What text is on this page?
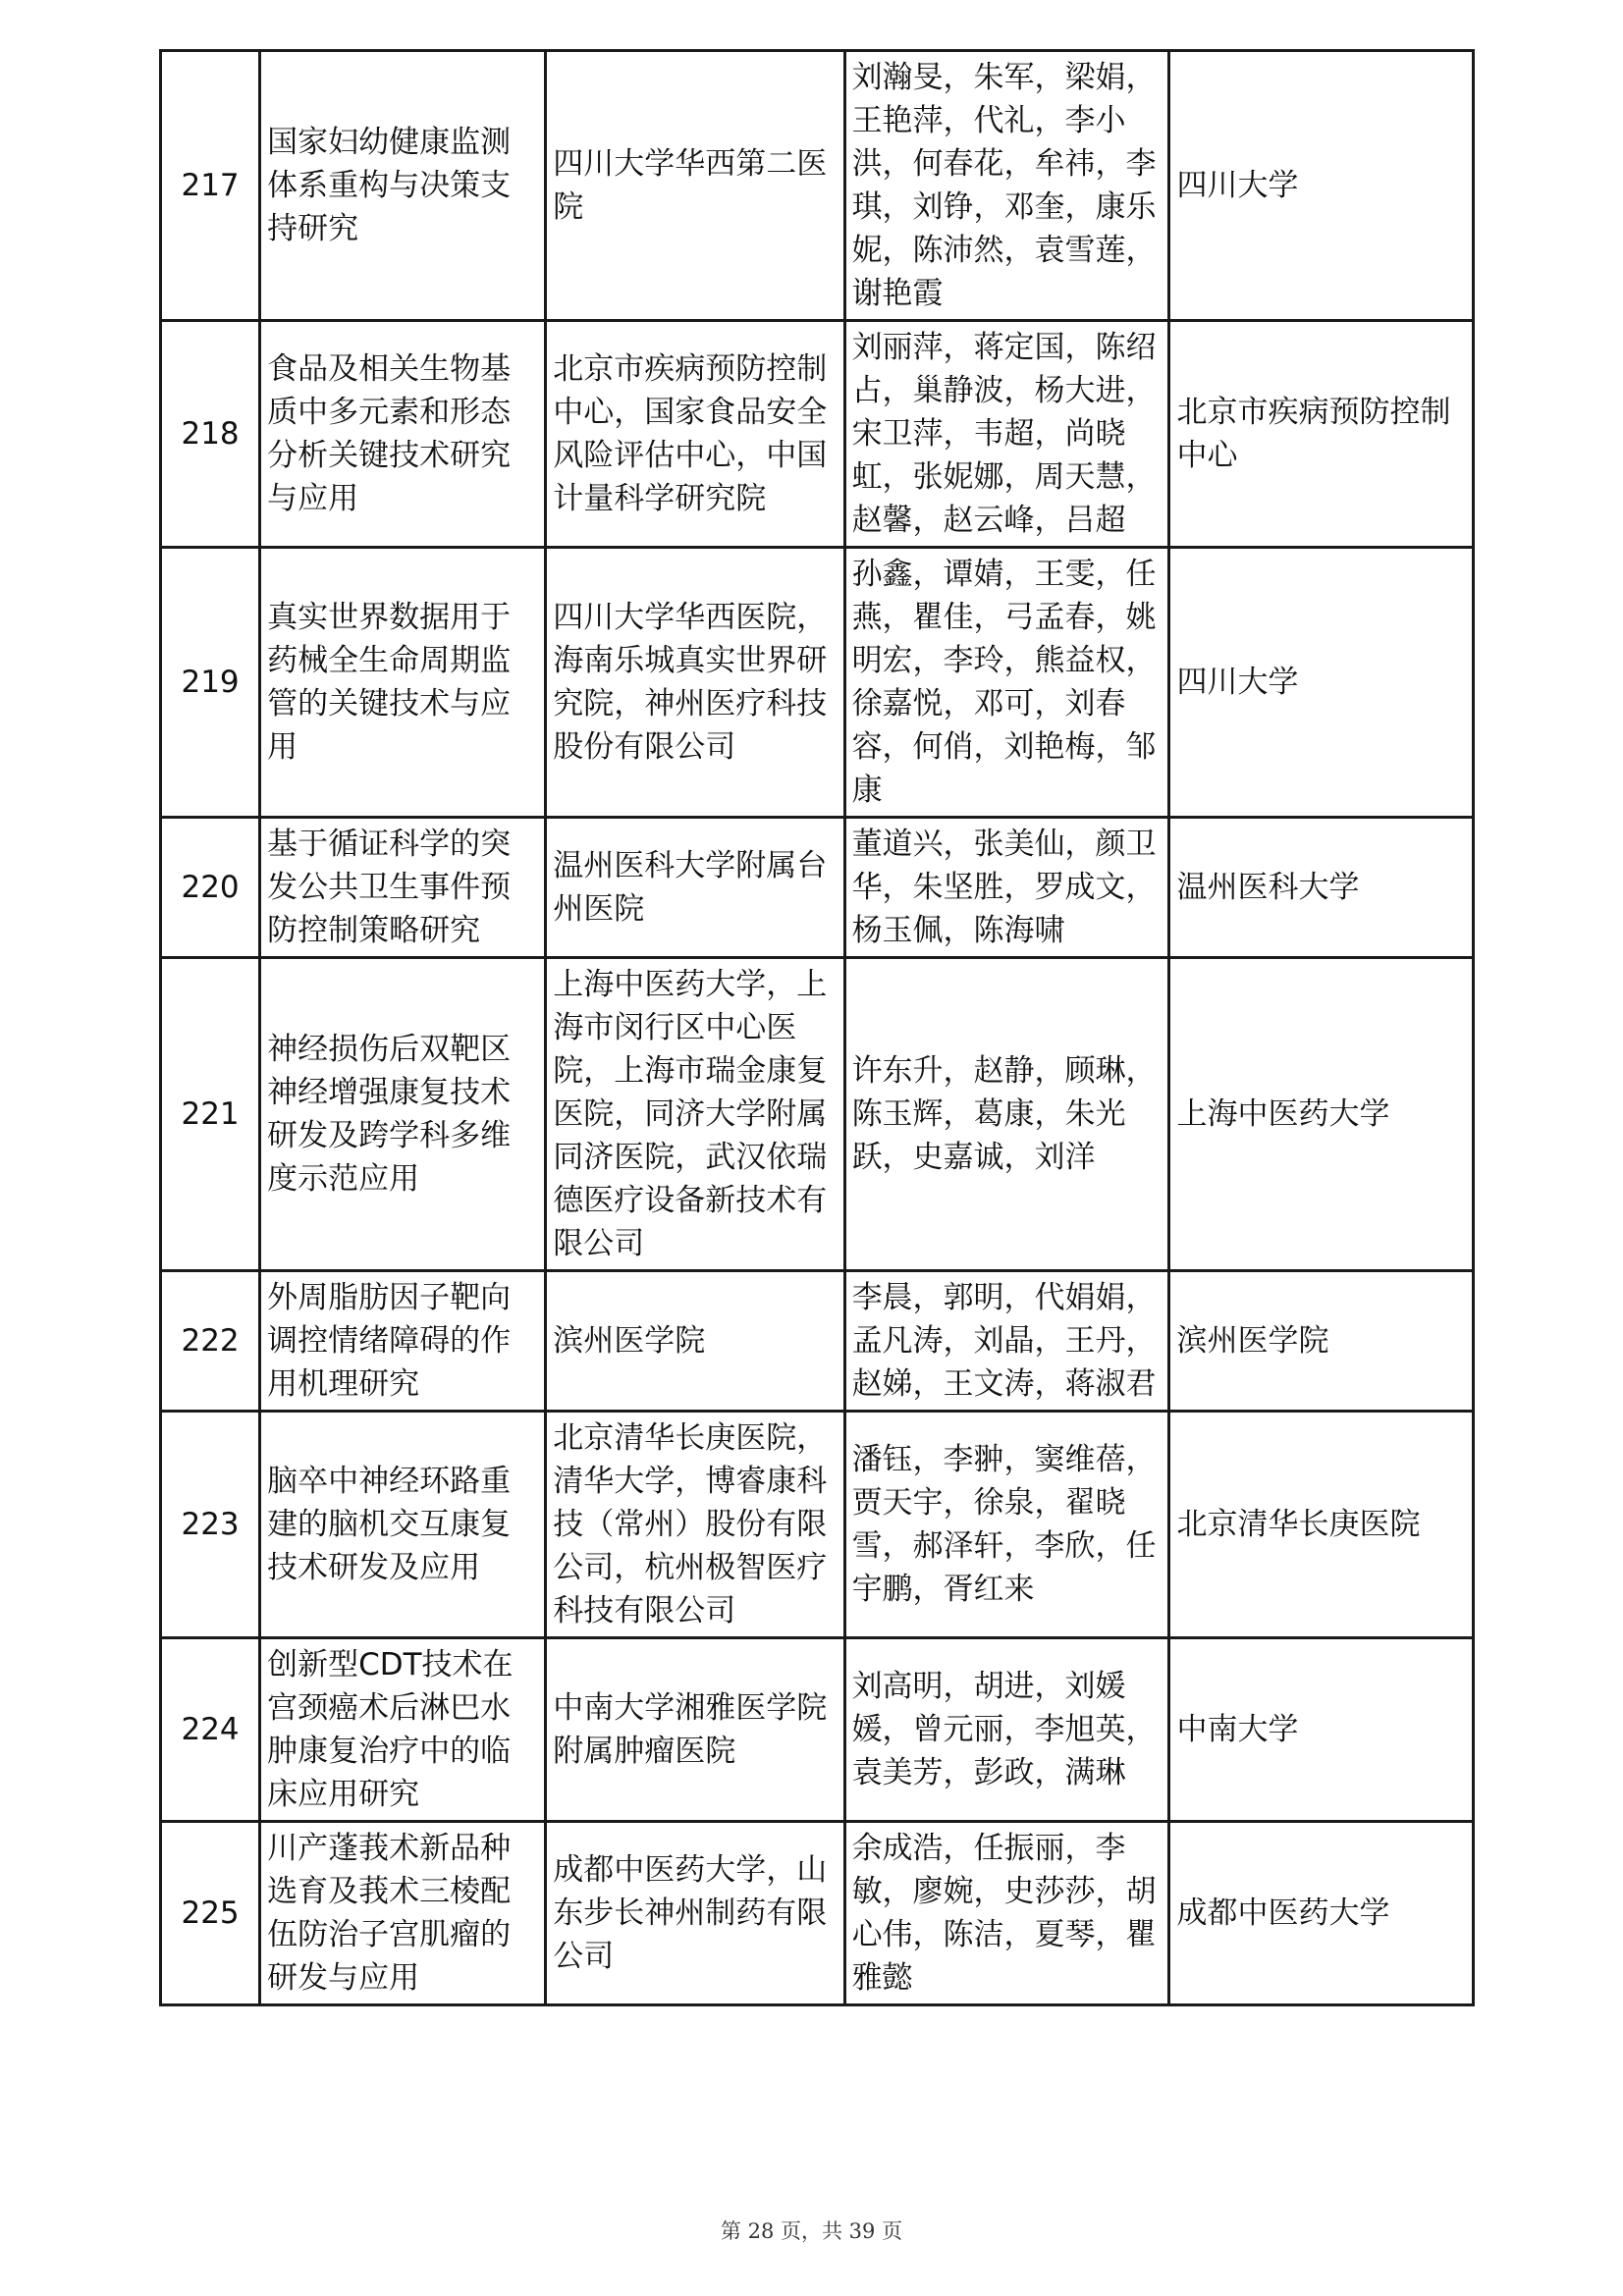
217	国家妇幼健康监测体系重构与决策支持研究	四川大学华西第二医院	刘瀚旻，朱军，梁娟，王艳萍，代礼，李小洪，何春花，牟祎，李琪，刘铮，邓奎，康乐妮，陈沛然，袁雪莲，谢艳霞	四川大学
218	食品及相关生物基质中多元素和形态分析关键技术研究与应用	北京市疾病预防控制中心，国家食品安全风险评估中心，中国计量科学研究院	刘丽萍，蒋定国，陈绍占，巢静波，杨大进，宋卫萍，韦超，尚晓虹，张妮娜，周天慧，赵馨，赵云峰，吕超	北京市疾病预防控制中心
219	真实世界数据用于药械全生命周期监管的关键技术与应用	四川大学华西医院，海南乐城真实世界研究院，神州医疗科技股份有限公司	孙鑫，谭婧，王雯，任燕，瞿佳，弓孟春，姚明宏，李玲，熊益权，徐嘉悦，邓可，刘春容，何俏，刘艳梅，邹康	四川大学
220	基于循证科学的突发公共卫生事件预防控制策略研究	温州医科大学附属台州医院	董道兴，张美仙，颜卫华，朱坚胜，罗成文，杨玉佩，陈海啸	温州医科大学
221	神经损伤后双靶区神经增强康复技术研发及跨学科多维度示范应用	上海中医药大学，上海市闵行区中心医院，上海市瑞金康复医院，同济大学附属同济医院，武汉依瑞德医疗设备新技术有限公司	许东升，赵静，顾琳，陈玉辉，葛康，朱光跃，史嘉诚，刘洋	上海中医药大学
222	外周脂肪因子靶向调控情绪障碍的作用机理研究	滨州医学院	李晨，郭明，代娟娟，孟凡涛，刘晶，王丹，赵娣，王文涛，蒋淑君	滨州医学院
223	脑卒中神经环路重建的脑机交互康复技术研发及应用	北京清华长庚医院，清华大学，博睿康科技（常州）股份有限公司，杭州极智医疗科技有限公司	潘钰，李翀，窦维蓓，贾天宇，徐泉，翟晓雪，郝泽轩，李欣，任宇鹏，胥红来	北京清华长庚医院
224	创新型CDT技术在宫颈癌术后淋巴水肿康复治疗中的临床应用研究	中南大学湘雅医学院附属肿瘤医院	刘高明，胡进，刘媛媛，曾元丽，李旭英，袁美芳，彭政，满琳	中南大学
225	川产蓬莪术新品种选育及莪术三棱配伍防治子宫肌瘤的研发与应用	成都中医药大学，山东步长神州制药有限公司	余成浩，任振丽，李敏，廖婉，史莎莎，胡心伟，陈洁，夏琴，瞿雅懿	成都中医药大学
第 28 页，共 39 页
